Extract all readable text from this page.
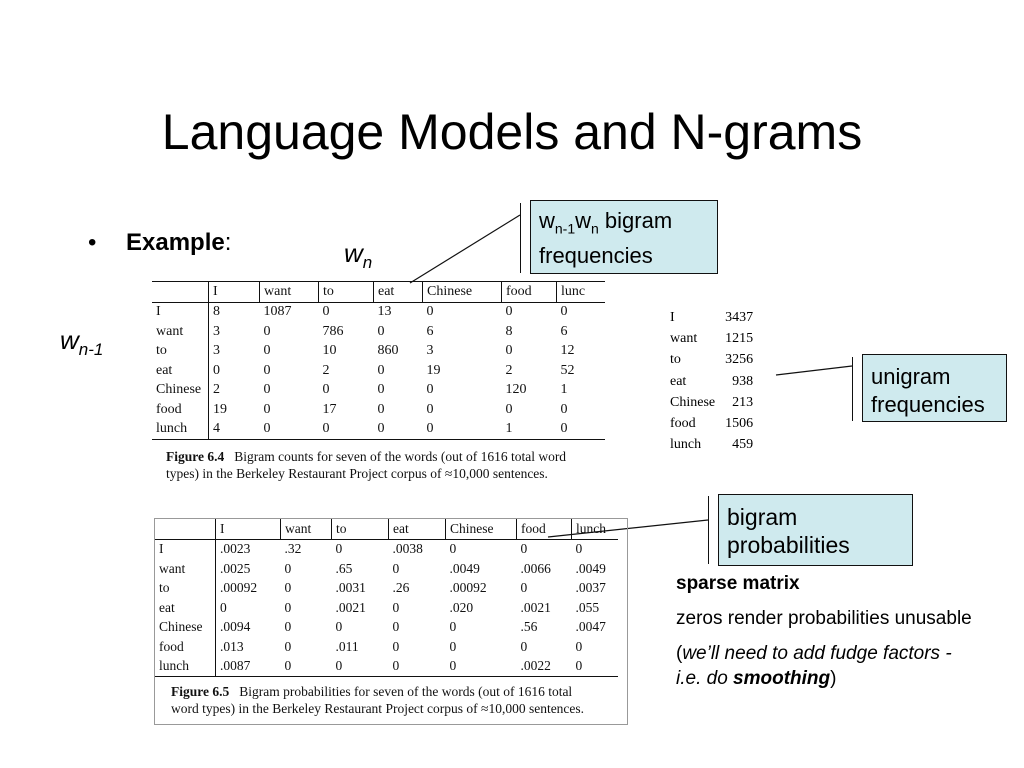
Language Models and N-grams
• Example:	$w_n$
$w_{n-1}$
$w_{n-1}w_n$ bigram
frequencies
unigram
frequencies
bigram
probabilities
	I	want	to	eat	Chinese	food	lunc
I	8	1087	0	13	0	0	0
want	3	0	786	0	6	8	6
to	3	0	10	860	3	0	12
eat	0	0	2	0	19	2	52
Chinese	2	0	0	0	0	120	1
food	19	0	17	0	0	0	0
lunch	4	0	0	0	0	1	0
Figure 6.4 Bigram counts for seven of the words (out of 1616 total word
types) in the Berkeley Restaurant Project corpus of ≈10,000 sentences.
I	3437
want	1215
to	3256
eat	938
Chinese	213
food	1506
lunch	459
	I	want	to	eat	Chinese	food	lunch
I	.0023	.32	0	.0038	0	0	0
want	.0025	0	.65	0	.0049	.0066	.0049
to	.00092	0	.0031	.26	.00092	0	.0037
eat	0	0	.0021	0	.020	.0021	.055
Chinese	.0094	0	0	0	0	.56	.0047
food	.013	0	.011	0	0	0	0
lunch	.0087	0	0	0	0	.0022	0
Figure 6.5 Bigram probabilities for seven of the words (out of 1616 total
word types) in the Berkeley Restaurant Project corpus of ≈10,000 sentences.

sparse matrix

zeros render probabilities unusable

(we’ll need to add fudge factors - i.e. do smoothing)
